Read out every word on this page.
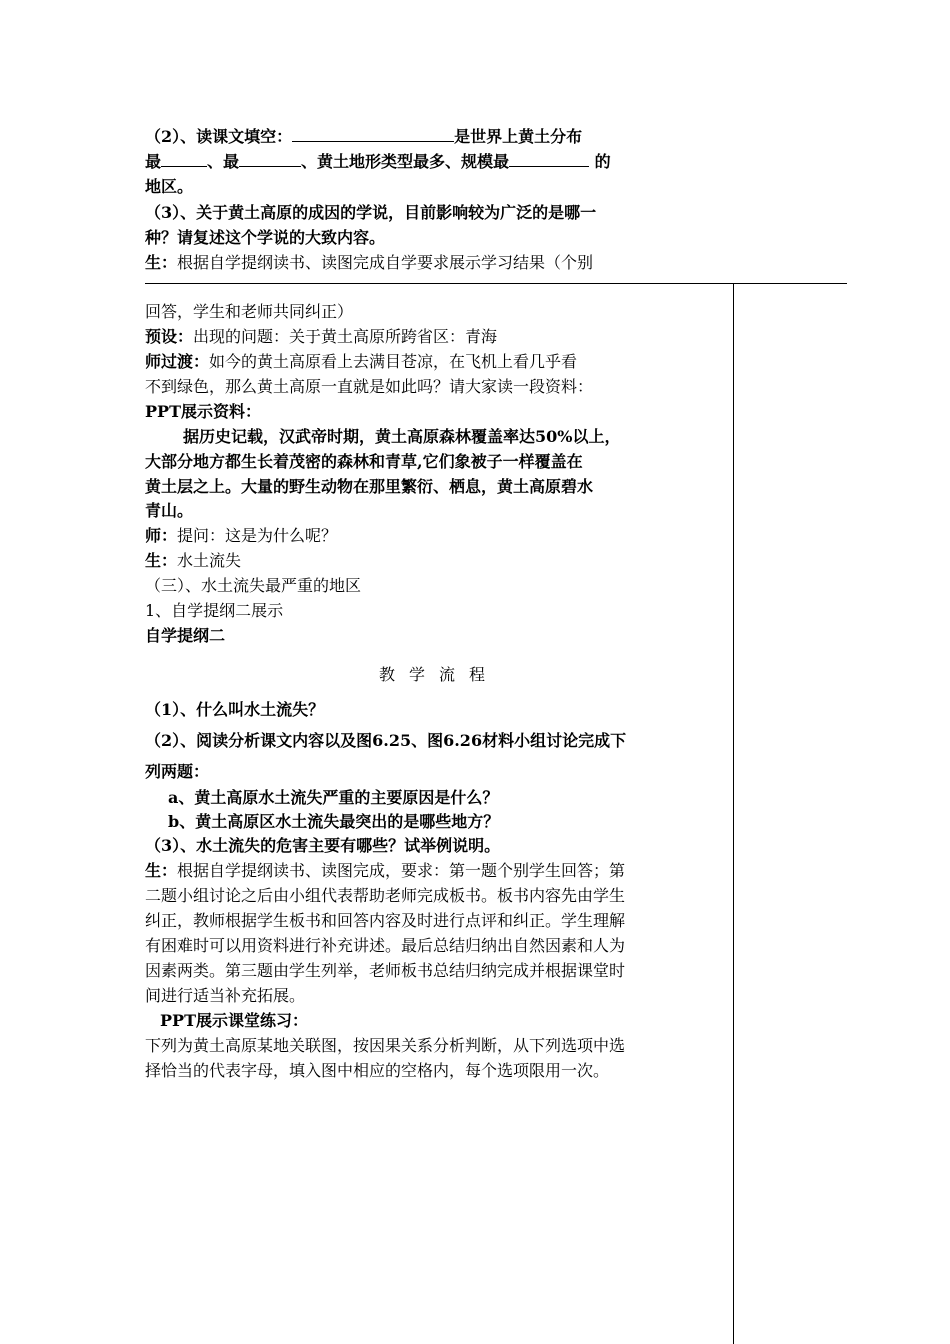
（2）、读课文填空：	是世界上黄土分布
最	、最	、黄土地形类型最多、规模最	的
地区。
（3）、关于黄土高原的成因的学说，目前影响较为广泛的是哪一
种？请复述这个学说的大致内容。
生：根据自学提纲读书、读图完成自学要求展示学习结果（个别
回答，学生和老师共同纠正）
预设：出现的问题：关于黄土高原所跨省区：青海
师过渡：如今的黄土高原看上去满目苍凉，在飞机上看几乎看
不到绿色，那么黄土高原一直就是如此吗？请大家读一段资料：
PPT展示资料：
据历史记载，汉武帝时期，黄土高原森林覆盖率达50%以上，
大部分地方都生长着茂密的森林和青草,它们象被子一样覆盖在
黄土层之上。大量的野生动物在那里繁衍、栖息，黄土高原碧水
青山。
师：提问：这是为什么呢？
生：水土流失
（三）、水土流失最严重的地区
1、自学提纲二展示
自学提纲二
教学流程
（1）、什么叫水土流失？
（2）、阅读分析课文内容以及图6.25、图6.26材料小组讨论完成下
列两题：
a、黄土高原水土流失严重的主要原因是什么？
b、黄土高原区水土流失最突出的是哪些地方？
（3）、水土流失的危害主要有哪些？试举例说明。
生：根据自学提纲读书、读图完成，要求：第一题个别学生回答；第
二题小组讨论之后由小组代表帮助老师完成板书。板书内容先由学生
纠正，教师根据学生板书和回答内容及时进行点评和纠正。学生理解
有困难时可以用资料进行补充讲述。最后总结归纳出自然因素和人为
因素两类。第三题由学生列举，老师板书总结归纳完成并根据课堂时
间进行适当补充拓展。
PPT展示课堂练习：
下列为黄土高原某地关联图，按因果关系分析判断，从下列选项中选
择恰当的代表字母，填入图中相应的空格内，每个选项限用一次。
